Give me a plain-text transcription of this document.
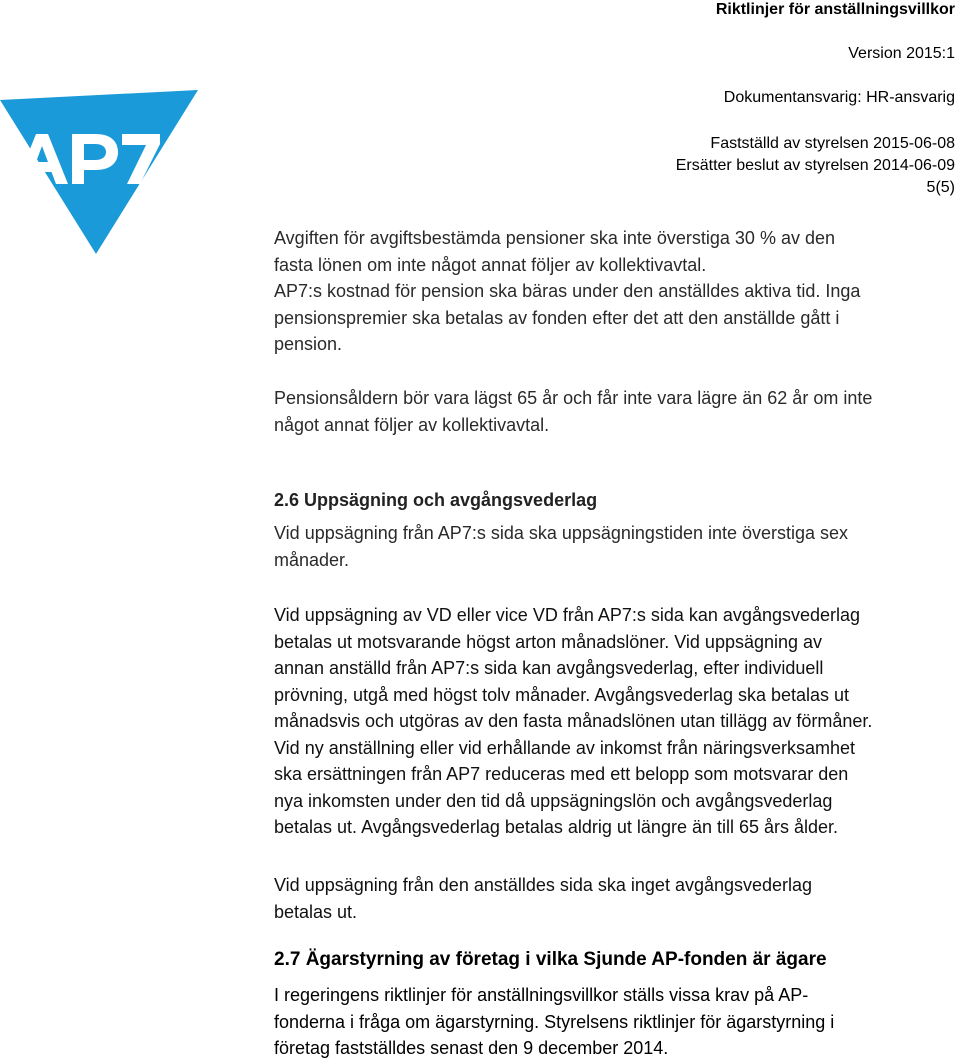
Riktlinjer för anställningsvillkor
Version 2015:1
Dokumentansvarig: HR-ansvarig
Fastställd av styrelsen 2015-06-08
Ersätter beslut av styrelsen 2014-06-09
5(5)

Avgiften för avgiftsbestämda pensioner ska inte överstiga 30 % av den
fasta lönen om inte något annat följer av kollektivavtal.
AP7:s kostnad för pension ska bäras under den anställdes aktiva tid. Inga
pensionspremier ska betalas av fonden efter det att den anställde gått i
pension.

Pensionsåldern bör vara lägst 65 år och får inte vara lägre än 62 år om inte
något annat följer av kollektivavtal.

2.6 Uppsägning och avgångsvederlag

Vid uppsägning från AP7:s sida ska uppsägningstiden inte överstiga sex
månader.

Vid uppsägning av VD eller vice VD från AP7:s sida kan avgångsvederlag
betalas ut motsvarande högst arton månadslöner. Vid uppsägning av
annan anställd från AP7:s sida kan avgångsvederlag, efter individuell
prövning, utgå med högst tolv månader. Avgångsvederlag ska betalas ut
månadsvis och utgöras av den fasta månadslönen utan tillägg av förmåner.
Vid ny anställning eller vid erhållande av inkomst från näringsverksamhet
ska ersättningen från AP7 reduceras med ett belopp som motsvarar den
nya inkomsten under den tid då uppsägningslön och avgångsvederlag
betalas ut. Avgångsvederlag betalas aldrig ut längre än till 65 års ålder.

Vid uppsägning från den anställdes sida ska inget avgångsvederlag
betalas ut.

2.7 Ägarstyrning av företag i vilka Sjunde AP-fonden är ägare

I regeringens riktlinjer för anställningsvillkor ställs vissa krav på AP-
fonderna i fråga om ägarstyrning. Styrelsens riktlinjer för ägarstyrning i
företag fastställdes senast den 9 december 2014.
